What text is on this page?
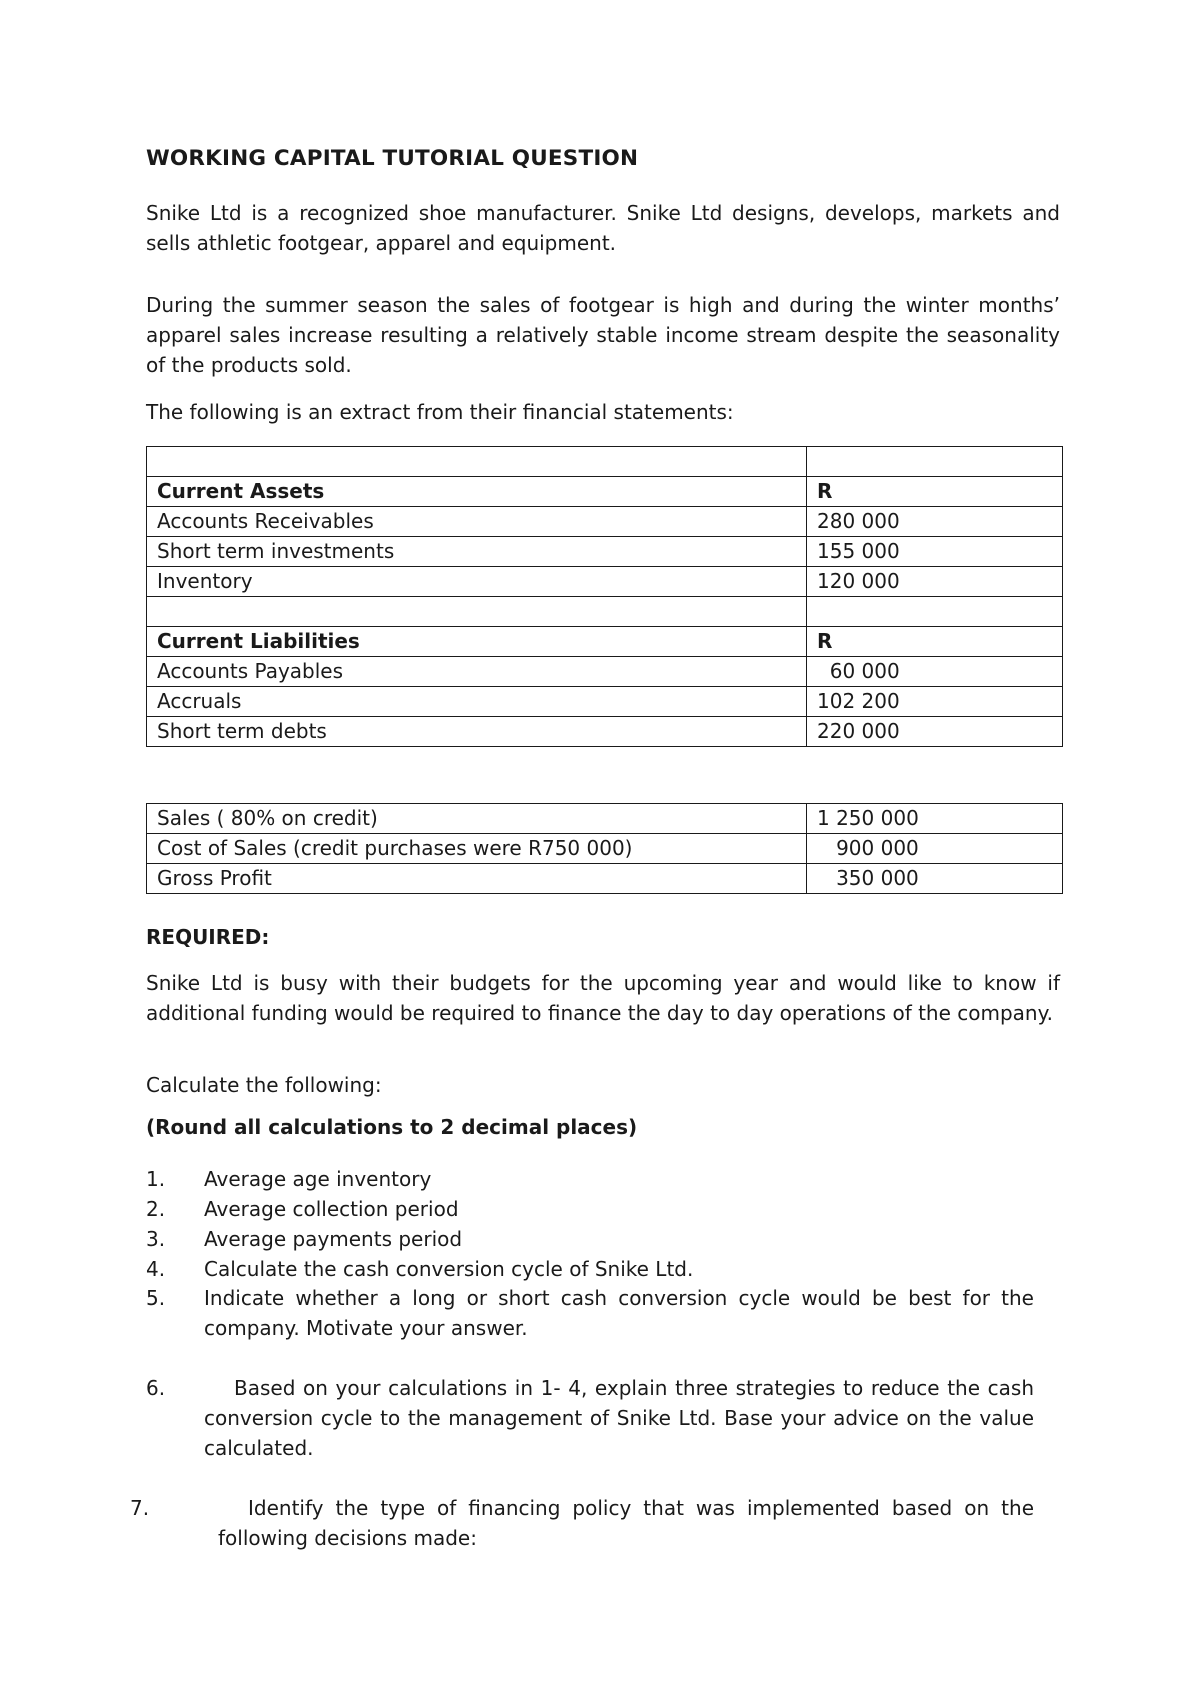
WORKING CAPITAL TUTORIAL QUESTION

Snike Ltd is a recognized shoe manufacturer. Snike Ltd designs, develops, markets and sells athletic footgear, apparel and equipment.

During the summer season the sales of footgear is high and during the winter months’ apparel sales increase resulting a relatively stable income stream despite the seasonality of the products sold.

The following is an extract from their financial statements:

Current Assets	R
Accounts Receivables	280 000
Short term investments	155 000
Inventory	120 000

Current Liabilities	R
Accounts Payables	60 000
Accruals	102 200
Short term debts	220 000
Sales ( 80% on credit)	1 250 000
Cost of Sales (credit purchases were R750 000)	900 000
Gross Profit	350 000

REQUIRED:

Snike Ltd is busy with their budgets for the upcoming year and would like to know if additional funding would be required to finance the day to day operations of the company.

Calculate the following:

(Round all calculations to 2 decimal places)

1. Average age inventory
2. Average collection period
3. Average payments period
4. Calculate the cash conversion cycle of Snike Ltd.
5. Indicate whether a long or short cash conversion cycle would be best for the company. Motivate your answer.
6.	Based on your calculations in 1- 4, explain three strategies to reduce the cash conversion cycle to the management of Snike Ltd. Base your advice on the value calculated.
7.	Identify the type of financing policy that was implemented based on the following decisions made:
